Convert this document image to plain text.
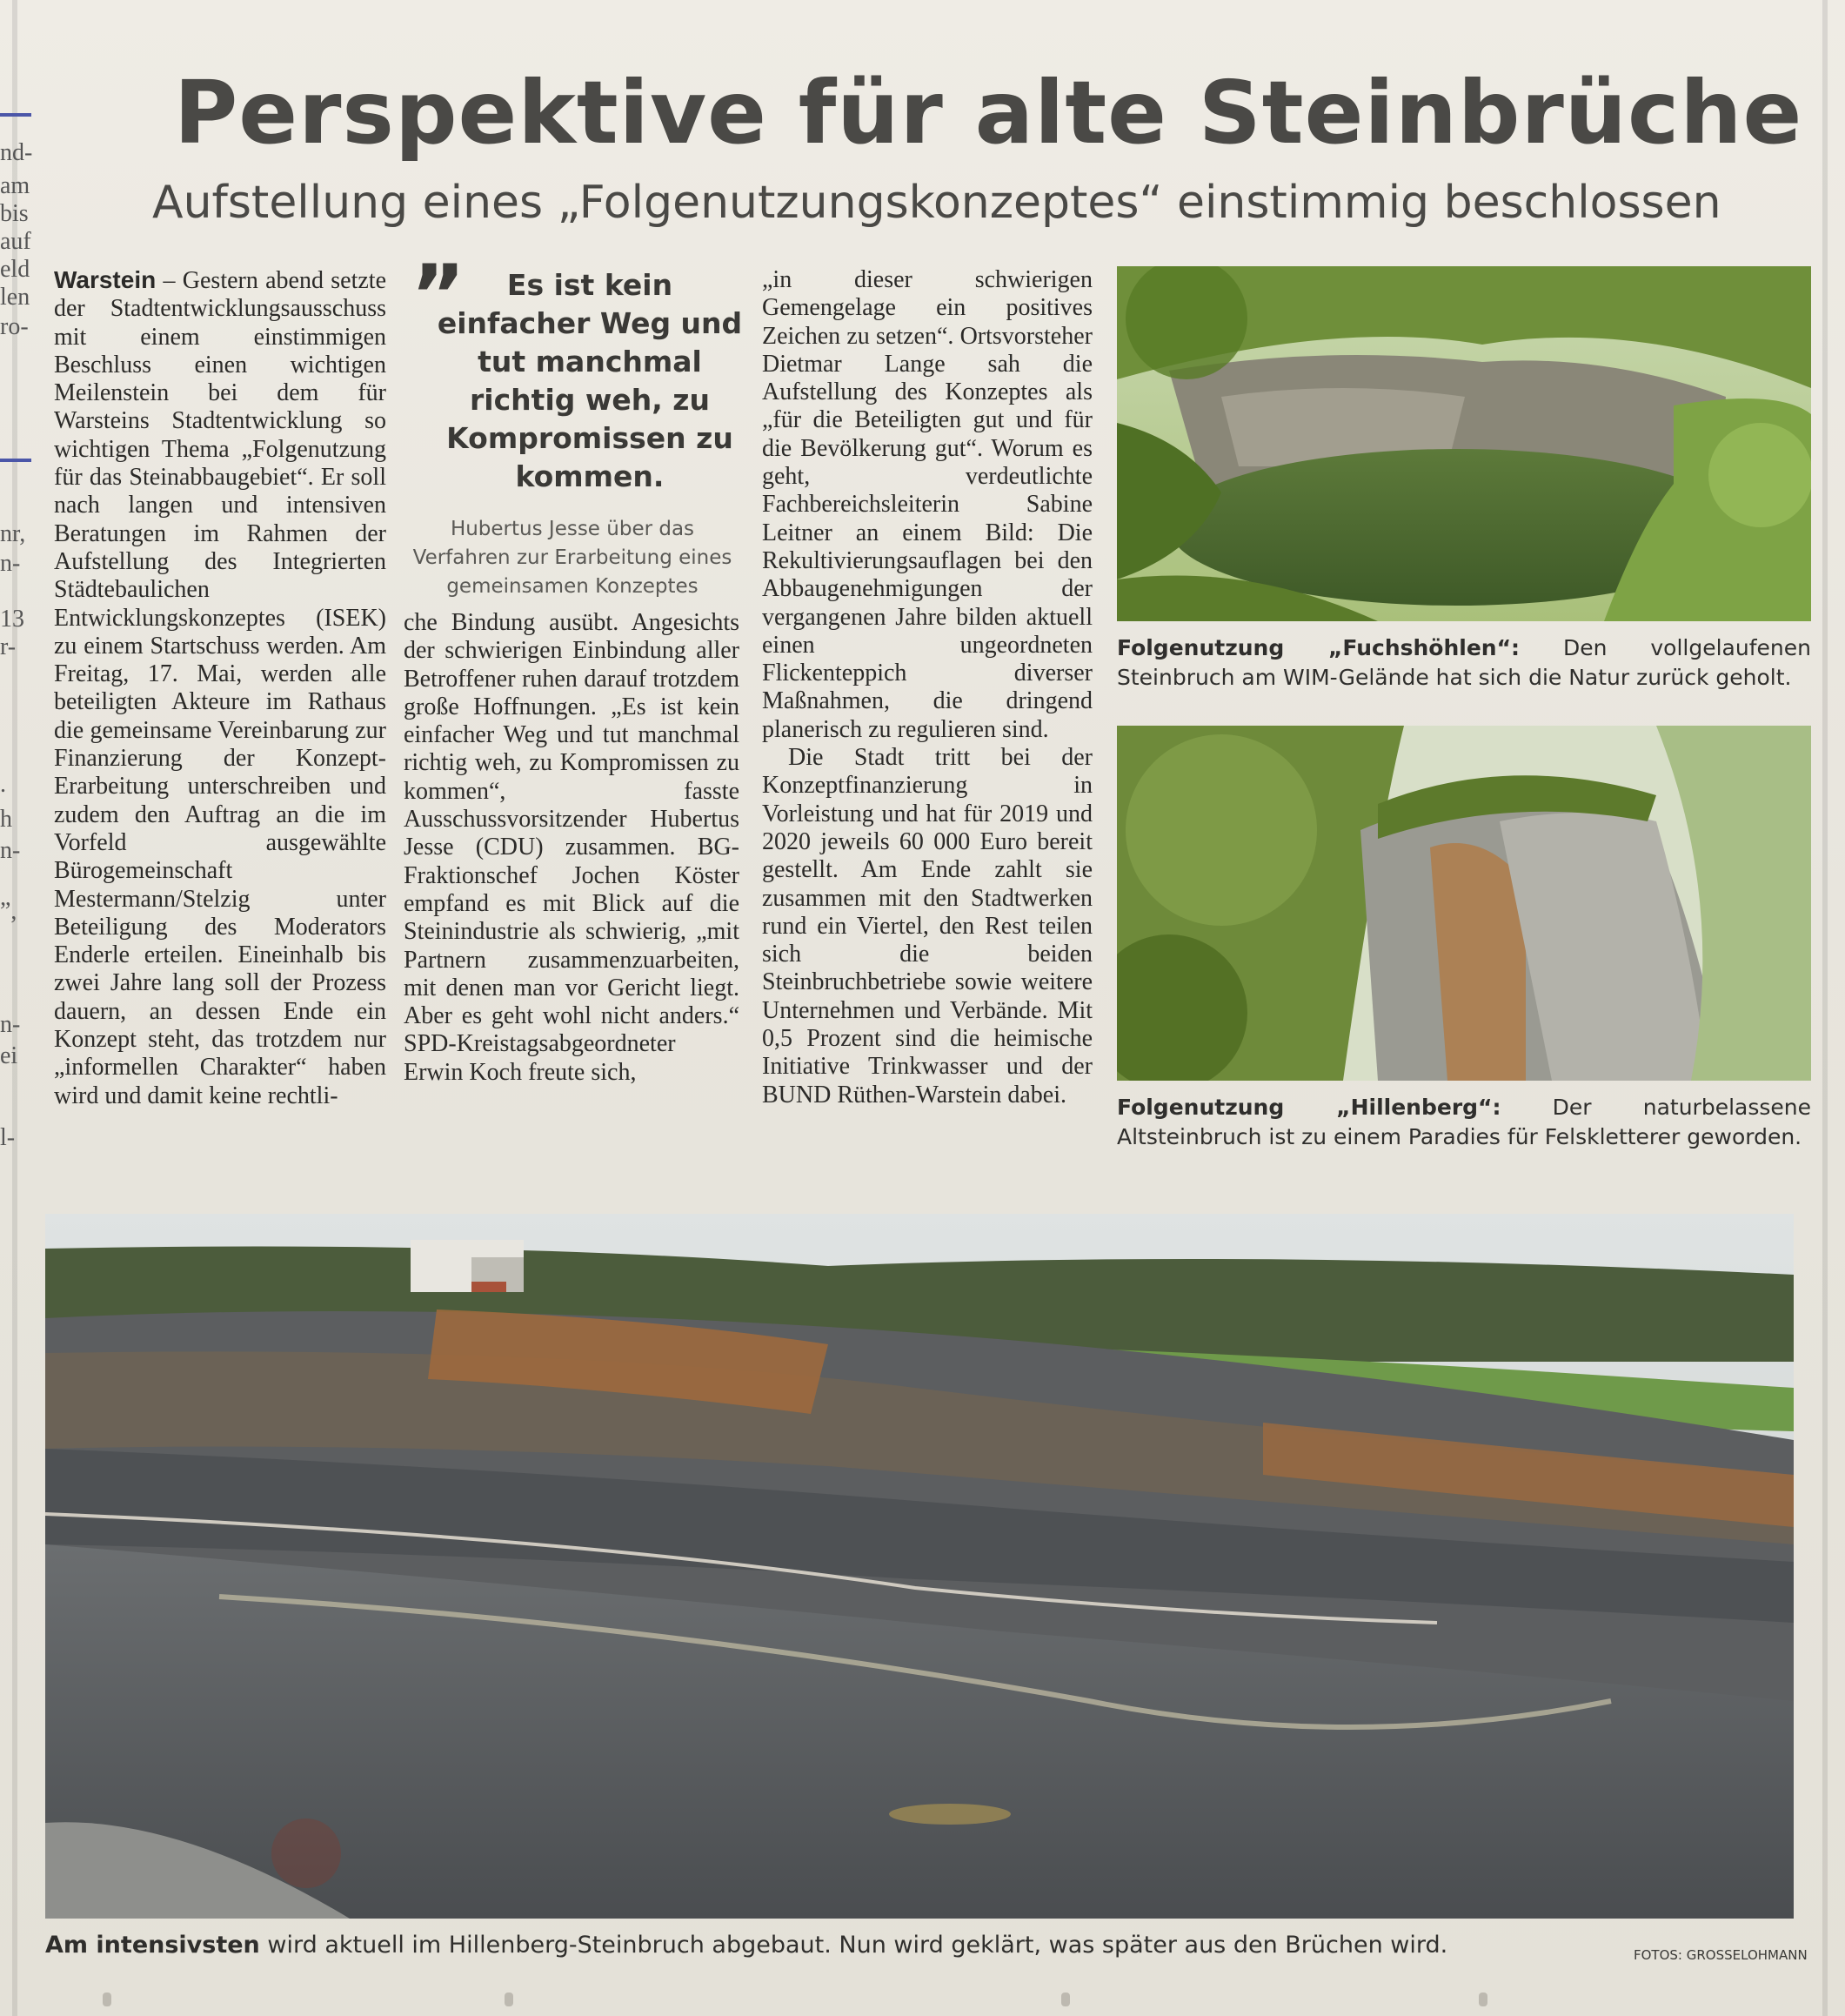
nd-
am
bis
auf
eld
len
ro-
nr,
n-
13
r-
.
h
n-
”,
n-
ei
l-
Perspektive für alte Steinbrüche
Aufstellung eines „Folgenutzungskonzeptes“ einstimmig beschlossen

Warstein – Gestern abend setzte der Stadtentwicklungsausschuss mit einem einstimmigen Beschluss einen wichtigen Meilenstein bei dem für Warsteins Stadtentwicklung so wichtigen Thema „Folgenutzung für das Steinabbaugebiet“. Er soll nach langen und intensiven Beratungen im Rahmen der Aufstellung des Integrierten Städtebaulichen Entwicklungskonzeptes (ISEK) zu einem Startschuss werden. Am Freitag, 17. Mai, werden alle beteiligten Akteure im Rathaus die gemeinsame Vereinbarung zur Finanzierung der Konzept-Erarbeitung unterschreiben und zudem den Auftrag an die im Vorfeld ausgewählte Bürogemeinschaft Mestermann/Stelzig unter Beteiligung des Moderators Enderle erteilen. Eineinhalb bis zwei Jahre lang soll der Prozess dauern, an dessen Ende ein Konzept steht, das trotzdem nur „informellen Charakter“ haben wird und damit keine rechtli-

”	Es ist kein einfacher Weg und tut manchmal richtig weh, zu Kompromissen zu kommen.
Hubertus Jesse über das Verfahren zur Erarbeitung eines gemeinsamen Konzeptes

che Bindung ausübt. Angesichts der schwierigen Einbindung aller Betroffener ruhen darauf trotzdem große Hoffnungen. „Es ist kein einfacher Weg und tut manchmal richtig weh, zu Kompromissen zu kommen“, fasste Ausschussvorsitzender Hubertus Jesse (CDU) zusammen. BG-Fraktionschef Jochen Köster empfand es mit Blick auf die Steinindustrie als schwierig, „mit Partnern zusammenzuarbeiten, mit denen man vor Gericht liegt. Aber es geht wohl nicht anders.“ SPD-Kreistagsabgeordneter Erwin Koch freute sich,

„in dieser schwierigen Gemengelage ein positives Zeichen zu setzen“. Ortsvorsteher Dietmar Lange sah die Aufstellung des Konzeptes als „für die Beteiligten gut und für die Bevölkerung gut“. Worum es geht, verdeutlichte Fachbereichsleiterin Sabine Leitner an einem Bild: Die Rekultivierungsauflagen bei den Abbaugenehmigungen der vergangenen Jahre bilden aktuell einen ungeordneten Flickenteppich diverser Maßnahmen, die dringend planerisch zu regulieren sind.

Die Stadt tritt bei der Konzeptfinanzierung in Vorleistung und hat für 2019 und 2020 jeweils 60 000 Euro bereit gestellt. Am Ende zahlt sie zusammen mit den Stadtwerken rund ein Viertel, den Rest teilen sich die beiden Steinbruchbetriebe sowie weitere Unternehmen und Verbände. Mit 0,5 Prozent sind die heimische Initiative Trinkwasser und der BUND Rüthen-Warstein dabei.

Folgenutzung „Fuchshöhlen“: Den vollgelaufenen Steinbruch am WIM-Gelände hat sich die Natur zurück geholt.
Folgenutzung „Hillenberg“: Der naturbelassene Altsteinbruch ist zu einem Paradies für Felskletterer geworden.
Am intensivsten wird aktuell im Hillenberg-Steinbruch abgebaut. Nun wird geklärt, was später aus den Brüchen wird.	FOTOS: GROSSELOHMANN
